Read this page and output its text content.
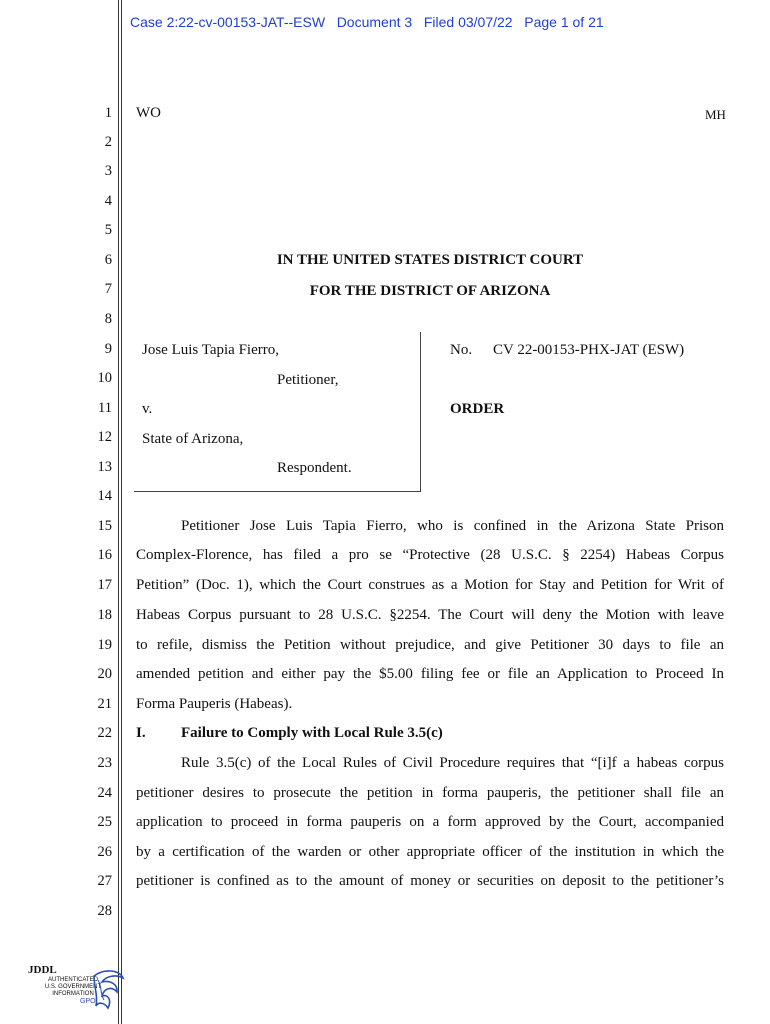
Case 2:22-cv-00153-JAT--ESW   Document 3   Filed 03/07/22   Page 1 of 21
1
2
3
4
5
6
7
8
9
10
11
12
13
14
15
16
17
18
19
20
21
22
23
24
25
26
27
28
WO	MH
IN THE UNITED STATES DISTRICT COURT
FOR THE DISTRICT OF ARIZONA
Jose Luis Tapia Fierro,
Petitioner,
v.
State of Arizona,
Respondent.
No. CV 22-00153-PHX-JAT (ESW)
ORDER
Petitioner Jose Luis Tapia Fierro, who is confined in the Arizona State Prison
Complex-Florence, has filed a pro se “Protective (28 U.S.C. § 2254) Habeas Corpus
Petition” (Doc. 1), which the Court construes as a Motion for Stay and Petition for Writ of
Habeas Corpus pursuant to 28 U.S.C. §2254. The Court will deny the Motion with leave
to refile, dismiss the Petition without prejudice, and give Petitioner 30 days to file an
amended petition and either pay the $5.00 filing fee or file an Application to Proceed In
Forma Pauperis (Habeas).
I. Failure to Comply with Local Rule 3.5(c)
Rule 3.5(c) of the Local Rules of Civil Procedure requires that “[i]f a habeas corpus
petitioner desires to prosecute the petition in forma pauperis, the petitioner shall file an
application to proceed in forma pauperis on a form approved by the Court, accompanied
by a certification of the warden or other appropriate officer of the institution in which the
petitioner is confined as to the amount of money or securities on deposit to the petitioner’s
JDDL
AUTHENTICATED
U.S. GOVERNMENT
INFORMATION
GPO
